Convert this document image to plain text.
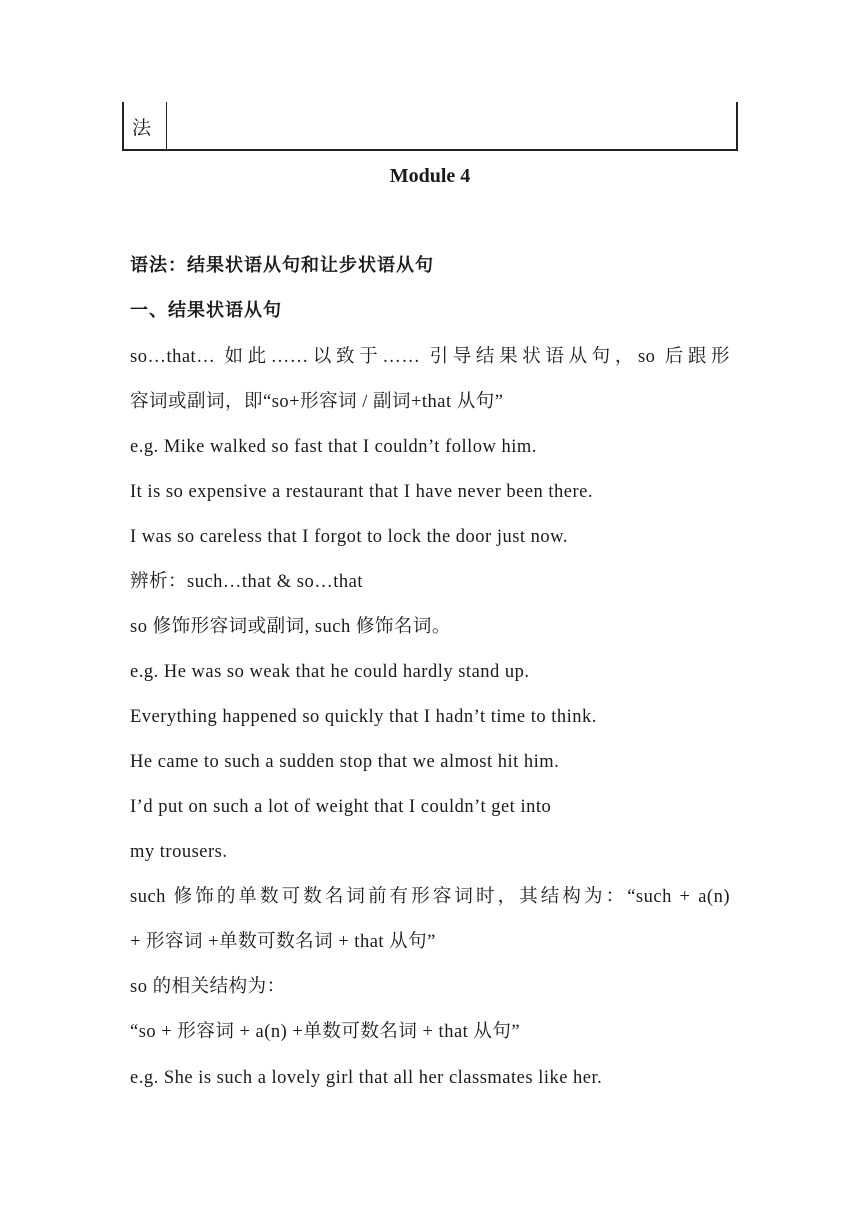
法
Module 4
语法：结果状语从句和让步状语从句
一、结果状语从句
so…that… 如此……以致于…… 引导结果状语从句，so 后跟形
容词或副词，即“so+形容词 / 副词+that 从句”
e.g. Mike walked so fast that I couldn’t follow him.
It is so expensive a restaurant that I have never been there.
I was so careless that I forgot to lock the door just now.
辨析：such…that & so…that
so 修饰形容词或副词, such 修饰名词。
e.g. He was so weak that he could hardly stand up.
Everything happened so quickly that I hadn’t time to think.
He came to such a sudden stop that we almost hit him.
I’d put on such a lot of weight that I couldn’t get into
my trousers.
such 修饰的单数可数名词前有形容词时，其结构为：“such + a(n)
+ 形容词 +单数可数名词 + that 从句”
so 的相关结构为：
“so + 形容词 + a(n) +单数可数名词 + that 从句”
e.g. She is such a lovely girl that all her classmates like her.
